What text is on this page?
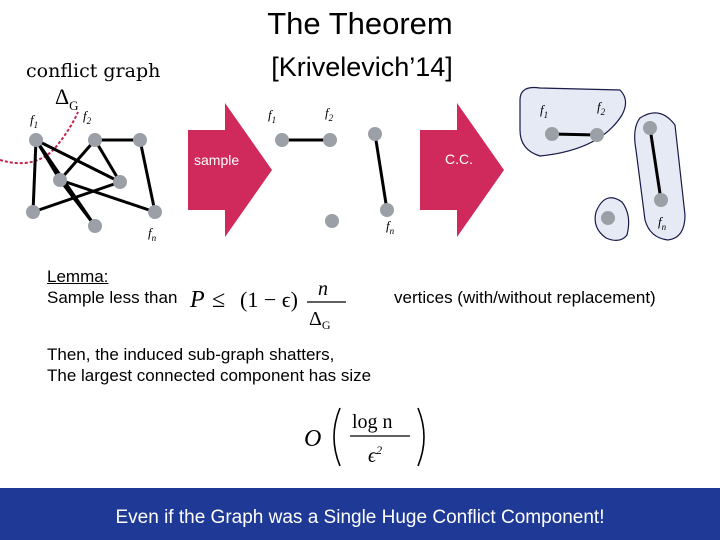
The Theorem
[Krivelevich’14]
conflict graph
$\Delta_G$
$f_1$
$f_2$
$f_n$
sample
$f_1$	$f_2$
$f_n$
C.C.
$f_1$
$f_2$
$f_n$
P ≤ (1 − ϵ) n
$\Delta_G$
O
log n
$\epsilon^2$
Lemma:
Sample less than	vertices (with/without replacement)
Then, the induced sub-graph shatters,
The largest connected component has size
Even if the Graph was a Single Huge Conflict Component!
